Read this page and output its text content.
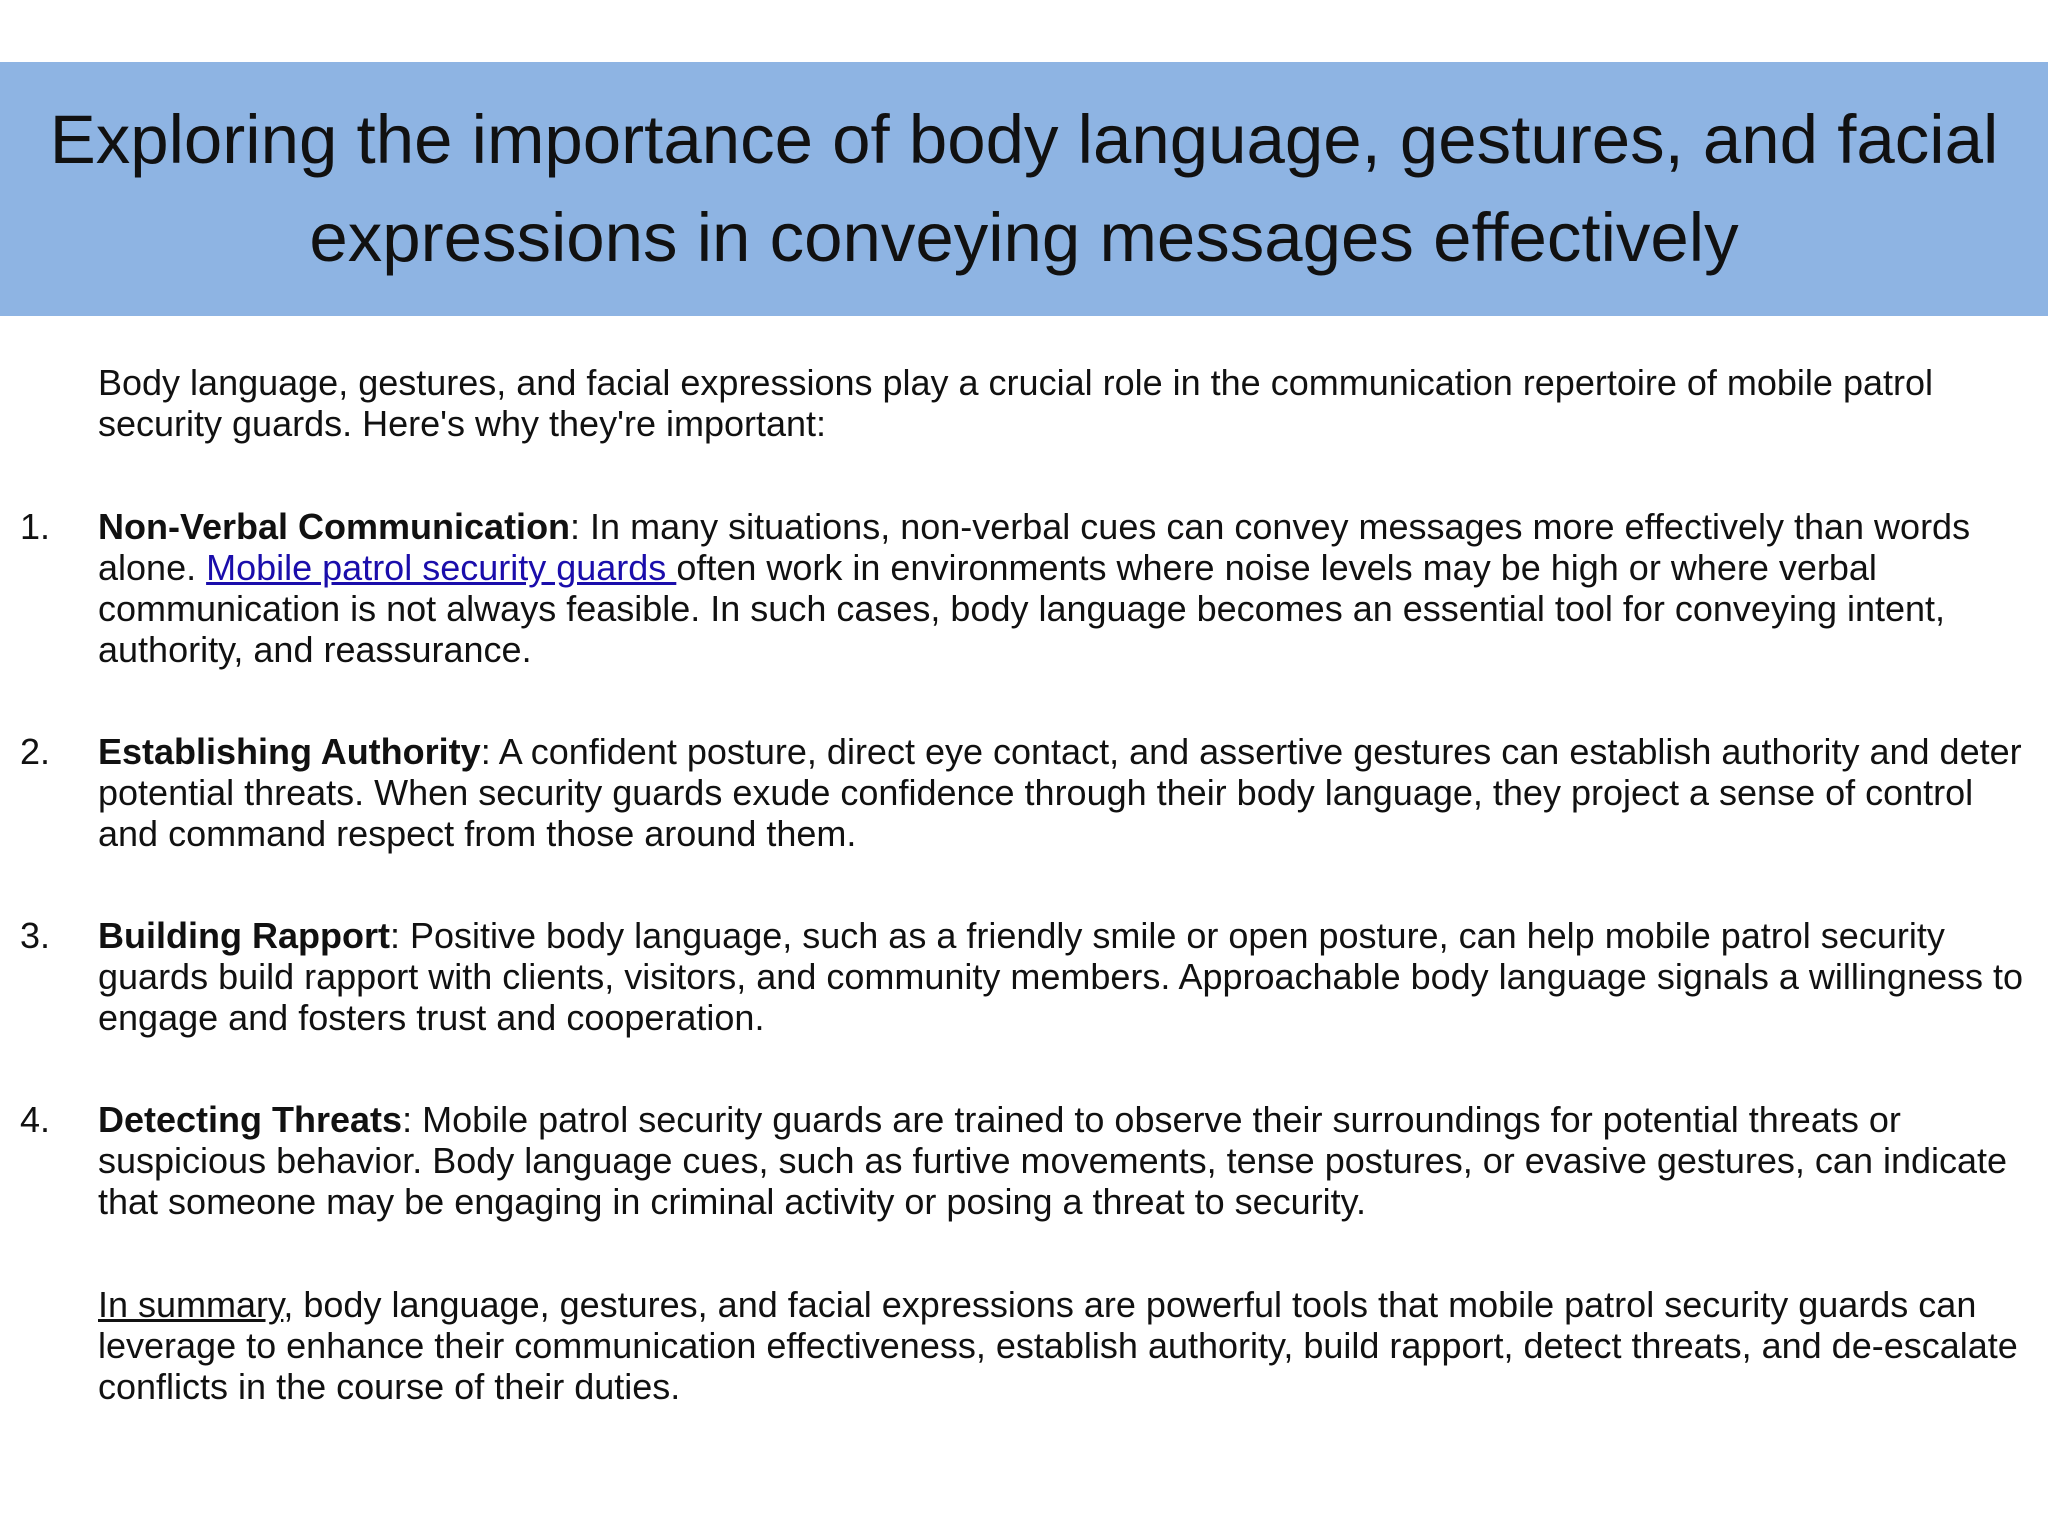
Exploring the importance of body language, gestures, and facial expressions in conveying messages effectively

Body language, gestures, and facial expressions play a crucial role in the communication repertoire of mobile patrol security guards. Here's why they're important:

1.	Non-Verbal Communication: In many situations, non-verbal cues can convey messages more effectively than words alone. Mobile patrol security guards often work in environments where noise levels may be high or where verbal communication is not always feasible. In such cases, body language becomes an essential tool for conveying intent, authority, and reassurance.

2.	Establishing Authority: A confident posture, direct eye contact, and assertive gestures can establish authority and deter potential threats. When security guards exude confidence through their body language, they project a sense of control and command respect from those around them.

3.	Building Rapport: Positive body language, such as a friendly smile or open posture, can help mobile patrol security guards build rapport with clients, visitors, and community members. Approachable body language signals a willingness to engage and fosters trust and cooperation.

4.	Detecting Threats: Mobile patrol security guards are trained to observe their surroundings for potential threats or suspicious behavior. Body language cues, such as furtive movements, tense postures, or evasive gestures, can indicate that someone may be engaging in criminal activity or posing a threat to security.

In summary, body language, gestures, and facial expressions are powerful tools that mobile patrol security guards can leverage to enhance their communication effectiveness, establish authority, build rapport, detect threats, and de-escalate conflicts in the course of their duties.
